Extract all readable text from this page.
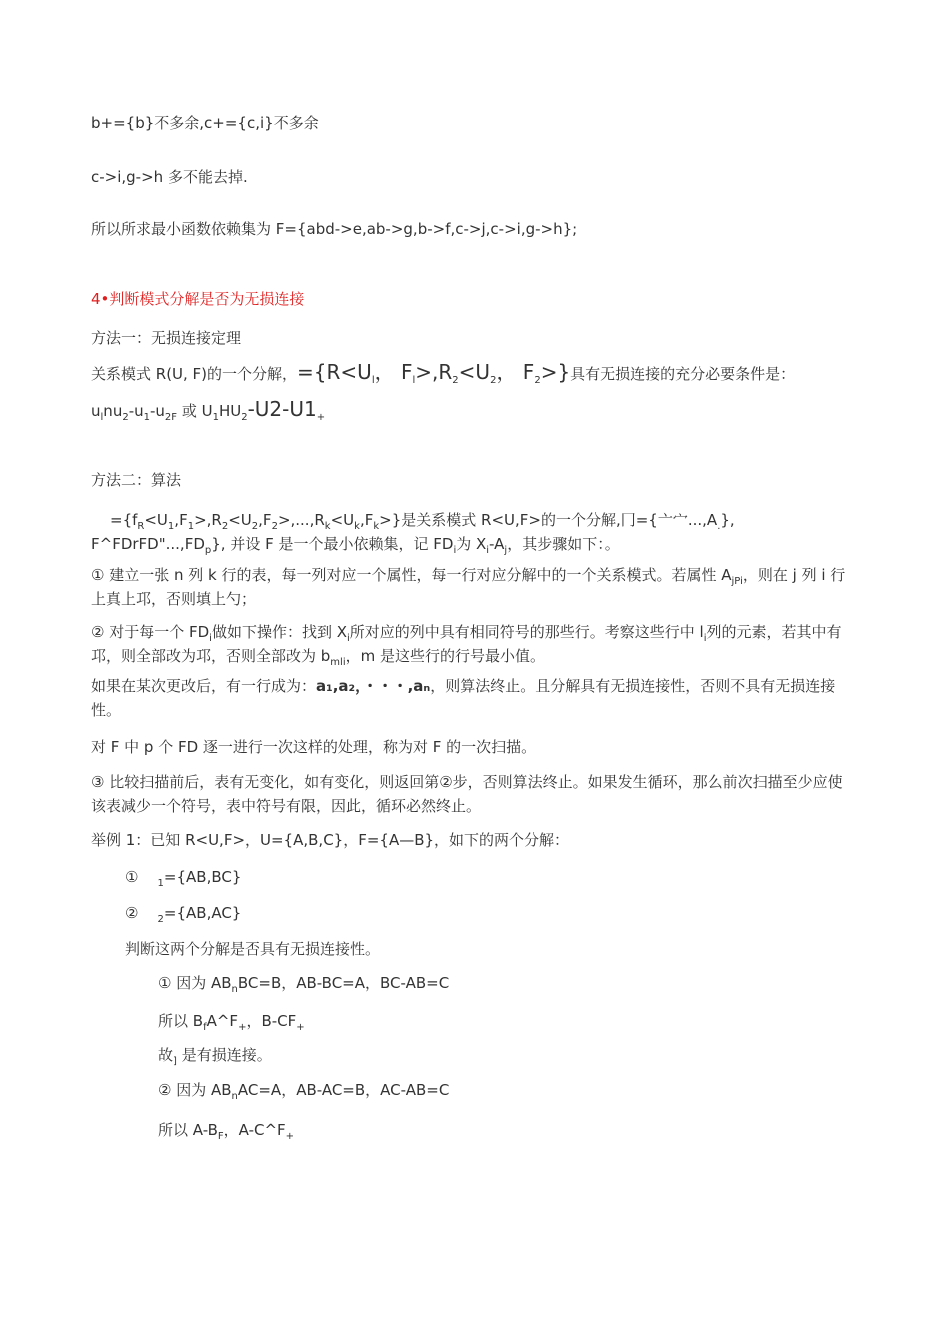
b+={b}不多余,c+={c,i}不多余
c->i,g->h 多不能去掉.
所以所求最小函数依赖集为 F={abd->e,ab->g,b->f,c->j,c->i,g->h};
4•判断模式分解是否为无损连接
方法一：无损连接定理
关系模式 R(U, F)的一个分解，$=\{R<U_l$， $F_l>,R_2<U_2$， $F_2>$}具有无损连接的充分必要条件是：
$u_lnu_2-u_1-u_{2F}$ 或 $U_1HU_2-U2-U1_+$
方法二：算法
$=\{f_R<U_1,F_1>,R_2<U_2,F_2>,...,R_k<U_k,F_k>\}$是关系模式 R<U,F>的一个分解,冂={亠宀$...,A_.$},
$F\^{}FDrFD"...,FD_p$}, 并设 F 是一个最小依赖集，记 $FD_i$为 $X_i-A_j$，其步骤如下：。
① 建立一张 n 列 k 行的表，每一列对应一个属性，每一行对应分解中的一个关系模式。若属性 $A_{jPi}$，则在 j 列 i 行上真上邛，否则填上勺；
② 对于每一个 $FD_i$做如下操作：找到 $X_i$所对应的列中具有相同符号的那些行。考察这些行中 $l_i$列的元素，若其中有邛，则全部改为邛，否则全部改为 $b_{mli}$，m 是这些行的行号最小值。
如果在某次更改后，有一行成为：a₁,a₂，・・・,aₙ，则算法终止。且分解具有无损连接性，否则不具有无损连接性。
对 F 中 p 个 FD 逐一进行一次这样的处理，称为对 F 的一次扫描。
③ 比较扫描前后，表有无变化，如有变化，则返回第②步，否则算法终止。如果发生循环，那么前次扫描至少应使该表减少一个符号，表中符号有限，因此，循环必然终止。
举例 1：已知 R<U,F>，U={A,B,C}，F={A—B}，如下的两个分解：
① $_1$={AB,BC}
② $_2$={AB,AC}
判断这两个分解是否具有无损连接性。
① 因为 $AB_nBC=B$，AB-BC=A，BC-AB=C
所以 $B_fA\^{}F_+$，$B-CF_+$
故$_]$ 是有损连接。
② 因为 $AB_nAC=A$，AB-AC=B，AC-AB=C
所以 $A-B_F$，$A-C\^{}F_+$
